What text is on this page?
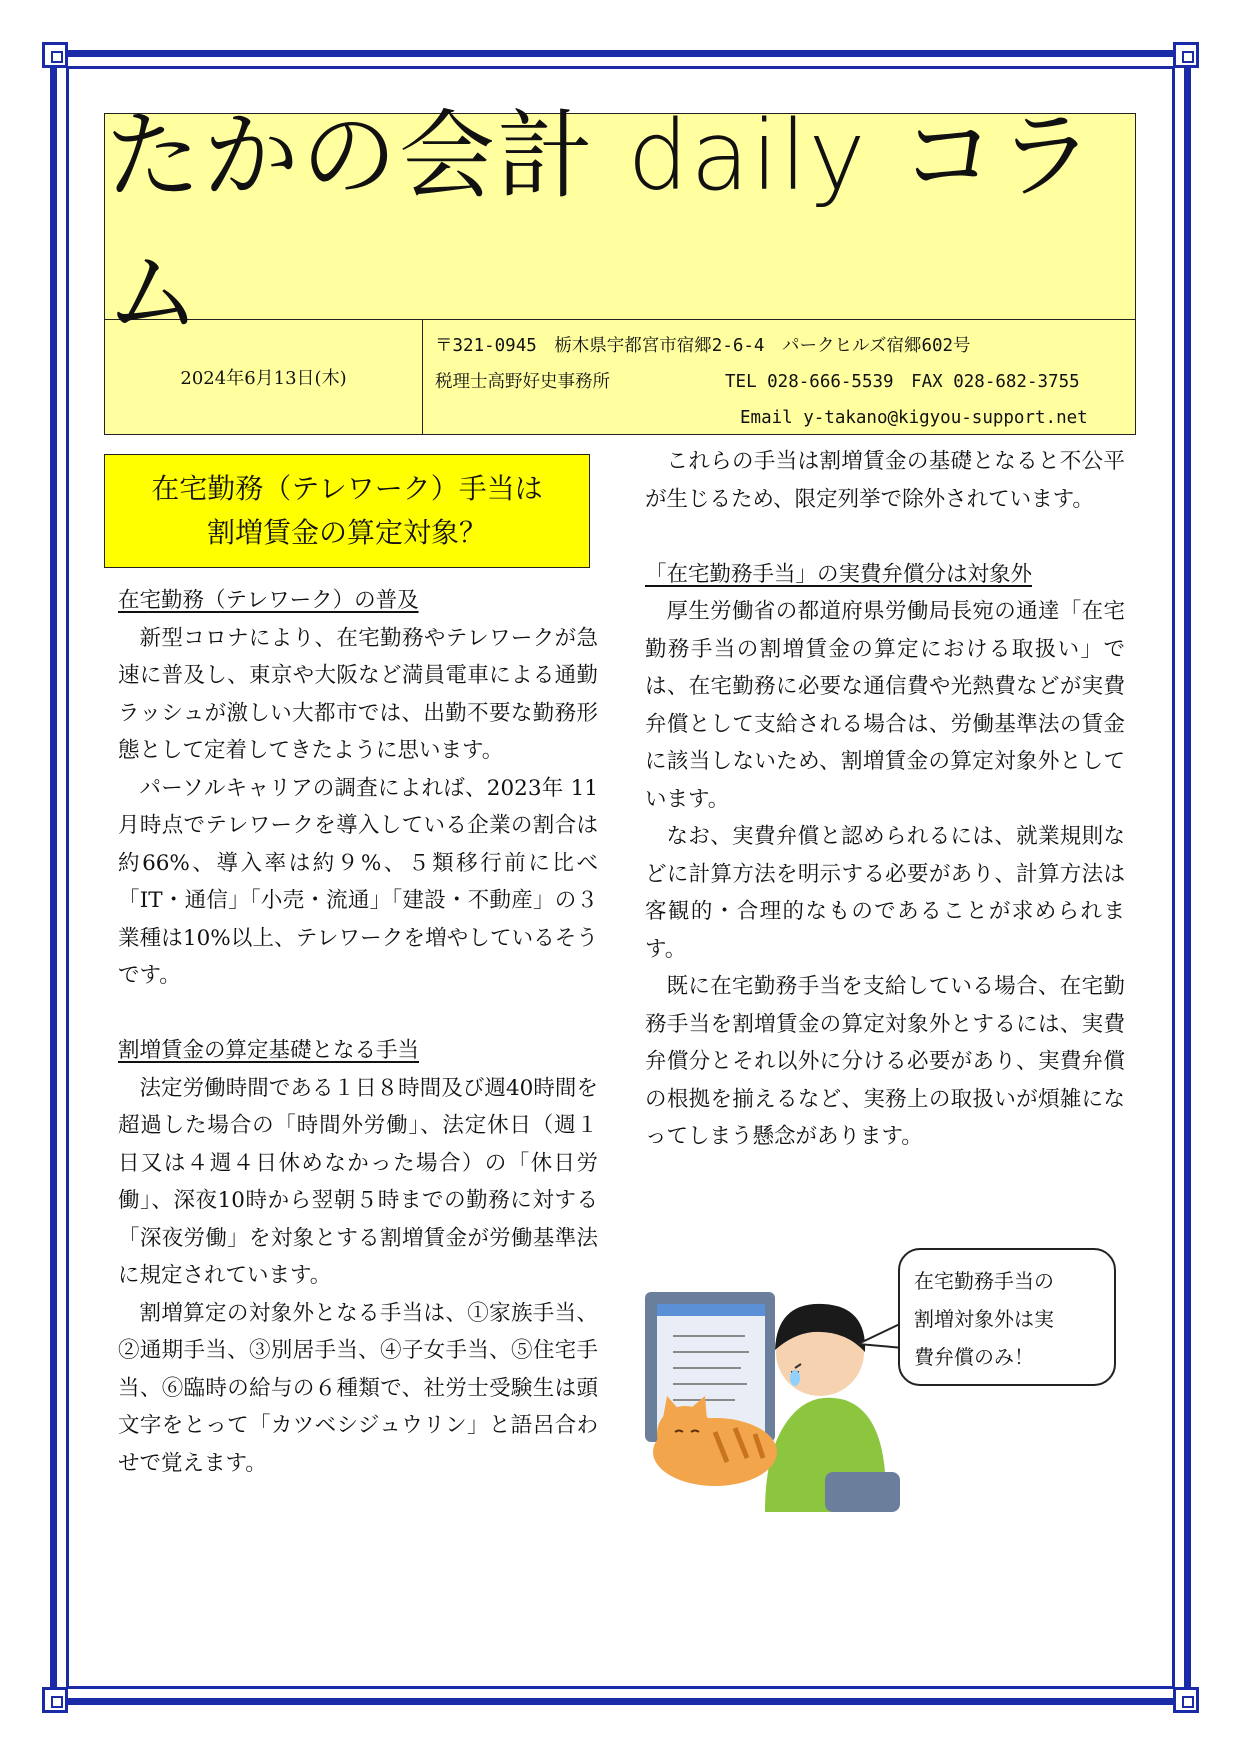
たかの会計 daily コラム
2024年6月13日(木)
〒321-0945　栃木県宇都宮市宿郷2-6-4　パークヒルズ宿郷602号
税理士高野好史事務所	TEL 028-666-5539　FAX 028-682-3755
Email y-takano@kigyou-support.net
在宅勤務（テレワーク）手当は
割増賃金の算定対象？
在宅勤務（テレワーク）の普及

新型コロナにより、在宅勤務やテレワークが急速に普及し、東京や大阪など満員電車による通勤ラッシュが激しい大都市では、出勤不要な勤務形態として定着してきたように思います。

パーソルキャリアの調査によれば、2023年 11 月時点でテレワークを導入している企業の割合は約66%、導入率は約９%、５類移行前に比べ「IT・通信」「小売・流通」「建設・不動産」の３業種は10%以上、テレワークを増やしているそうです。

割増賃金の算定基礎となる手当

法定労働時間である１日８時間及び週40時間を超過した場合の「時間外労働」、法定休日（週１日又は４週４日休めなかった場合）の「休日労働」、深夜10時から翌朝５時までの勤務に対する「深夜労働」を対象とする割増賃金が労働基準法に規定されています。

割増算定の対象外となる手当は、①家族手当、②通期手当、③別居手当、④子女手当、⑤住宅手当、⑥臨時の給与の６種類で、社労士受験生は頭文字をとって「カツベシジュウリン」と語呂合わせで覚えます。

これらの手当は割増賃金の基礎となると不公平が生じるため、限定列挙で除外されています。

「在宅勤務手当」の実費弁償分は対象外

厚生労働省の都道府県労働局長宛の通達「在宅勤務手当の割増賃金の算定における取扱い」では、在宅勤務に必要な通信費や光熱費などが実費弁償として支給される場合は、労働基準法の賃金に該当しないため、割増賃金の算定対象外としています。

なお、実費弁償と認められるには、就業規則などに計算方法を明示する必要があり、計算方法は客観的・合理的なものであることが求められます。

既に在宅勤務手当を支給している場合、在宅勤務手当を割増賃金の算定対象外とするには、実費弁償分とそれ以外に分ける必要があり、実費弁償の根拠を揃えるなど、実務上の取扱いが煩雑になってしまう懸念があります。

在宅勤務手当の
割増対象外は実
費弁償のみ！
